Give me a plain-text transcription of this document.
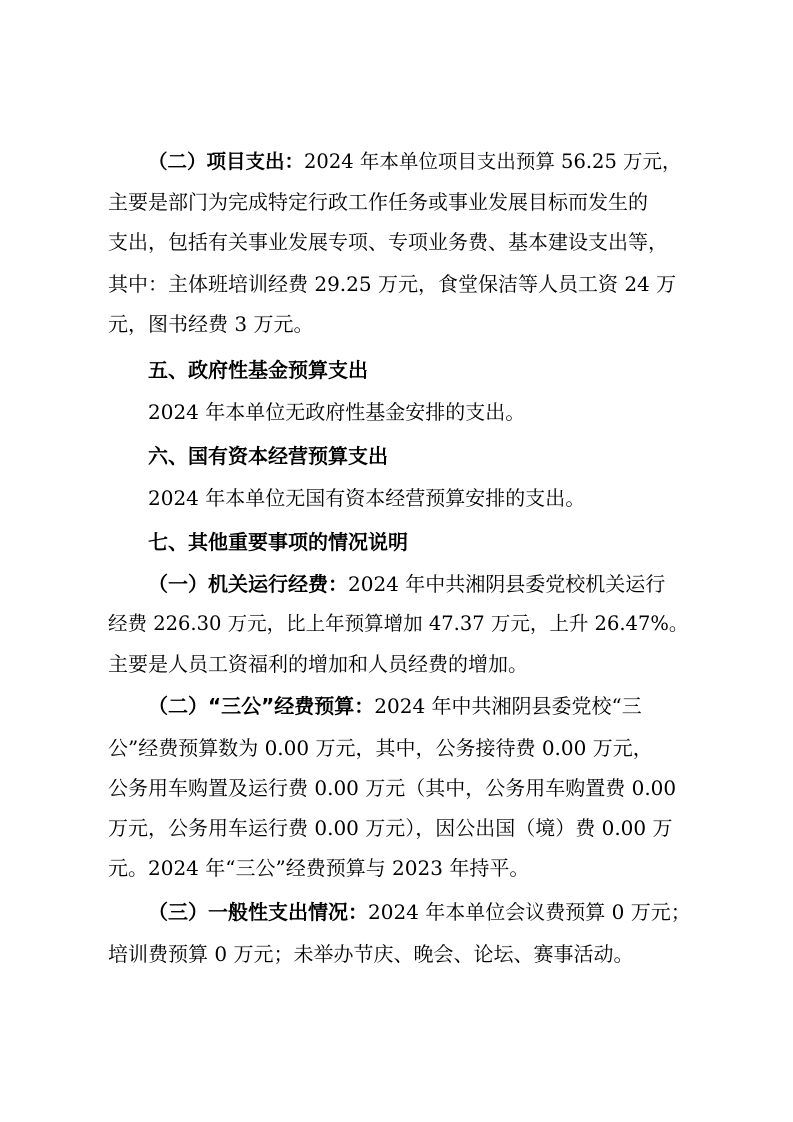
（二）项目支出：2024 年本单位项目支出预算 56.25 万元，
主要是部门为完成特定行政工作任务或事业发展目标而发生的
支出，包括有关事业发展专项、专项业务费、基本建设支出等，
其中：主体班培训经费 29.25 万元，食堂保洁等人员工资 24 万
元，图书经费 3 万元。
五、政府性基金预算支出
2024 年本单位无政府性基金安排的支出。
六、国有资本经营预算支出
2024 年本单位无国有资本经营预算安排的支出。
七、其他重要事项的情况说明
（一）机关运行经费：2024 年中共湘阴县委党校机关运行
经费 226.30 万元，比上年预算增加 47.37 万元，上升 26.47%。
主要是人员工资福利的增加和人员经费的增加。
（二）“三公”经费预算：2024 年中共湘阴县委党校“三
公”经费预算数为 0.00 万元，其中，公务接待费 0.00 万元，
公务用车购置及运行费 0.00 万元（其中，公务用车购置费 0.00
万元，公务用车运行费 0.00 万元），因公出国（境）费 0.00 万
元。2024 年“三公”经费预算与 2023 年持平。
（三）一般性支出情况：2024 年本单位会议费预算 0 万元；
培训费预算 0 万元；未举办节庆、晚会、论坛、赛事活动。
